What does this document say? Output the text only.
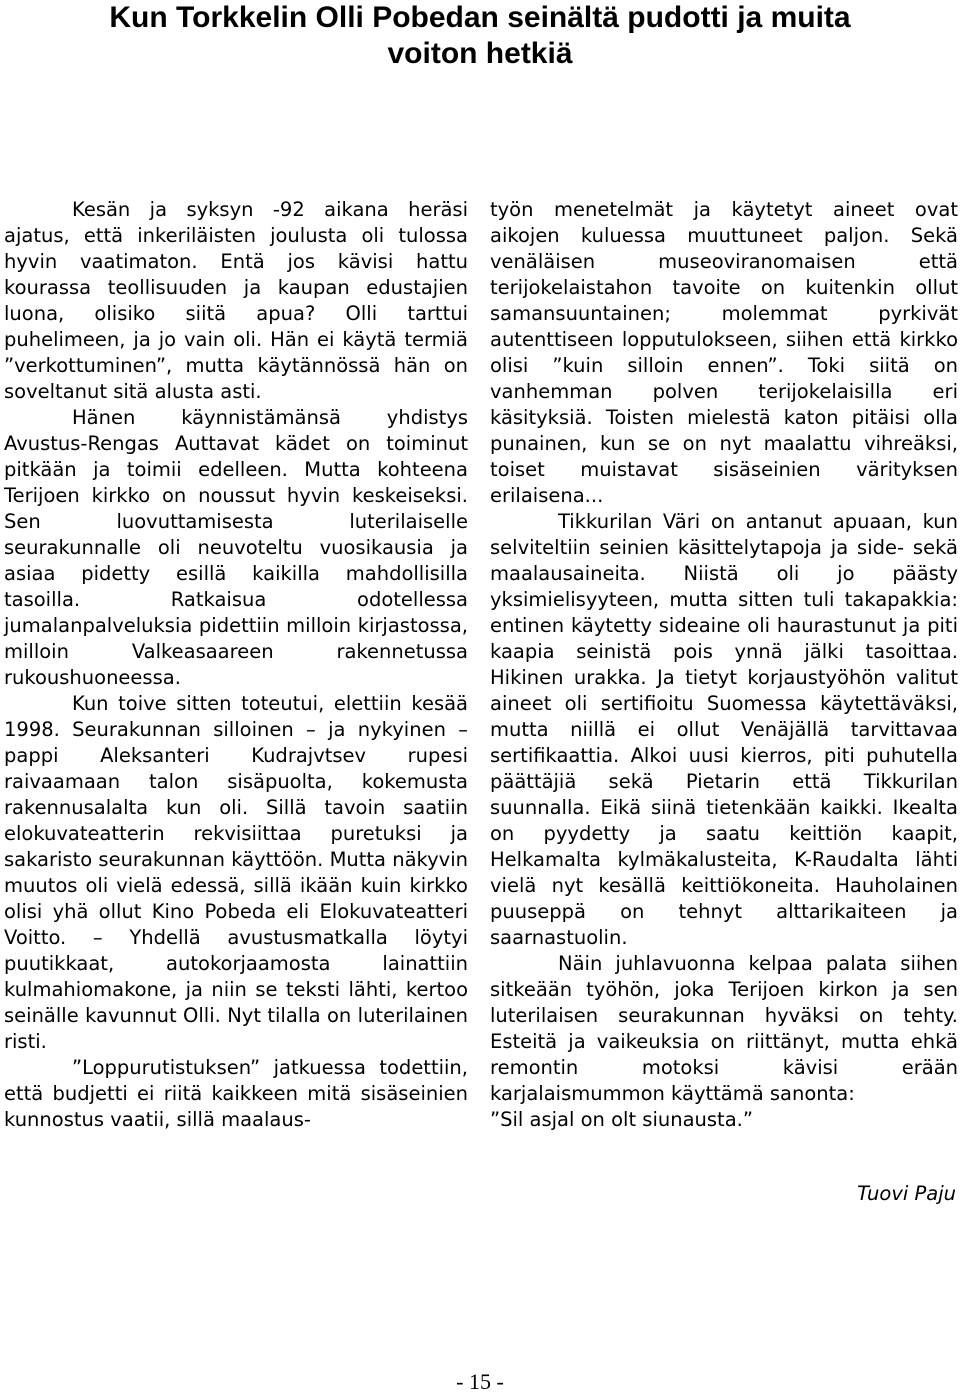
Kun Torkkelin Olli Pobedan seinältä pudotti ja muita
voiton hetkiä

Kesän ja syksyn -92 aikana heräsi ajatus, että inkeriläisten joulusta oli tulossa hyvin vaatimaton. Entä jos kävisi hattu kourassa teollisuuden ja kaupan edustajien luona, olisiko siitä apua? Olli tarttui puhelimeen, ja jo vain oli. Hän ei käytä termiä ”verkottuminen”, mutta käytännössä hän on soveltanut sitä alusta asti.

Hänen käynnistämänsä yhdistys Avustus-Rengas Auttavat kädet on toiminut pitkään ja toimii edelleen. Mutta kohteena Terijoen kirkko on noussut hyvin keskeiseksi. Sen luovuttamisesta luterilaiselle seurakunnalle oli neuvoteltu vuosikausia ja asiaa pidetty esillä kaikilla mahdollisilla tasoilla. Ratkaisua odotellessa jumalanpalveluksia pidettiin milloin kirjastossa, milloin Valkeasaareen rakennetussa rukoushuoneessa.

Kun toive sitten toteutui, elettiin kesää 1998. Seurakunnan silloinen – ja nykyinen – pappi Aleksanteri Kudrajvtsev rupesi raivaamaan talon sisäpuolta, kokemusta rakennusalalta kun oli. Sillä tavoin saatiin elokuvateatterin rekvisiittaa puretuksi ja sakaristo seurakunnan käyttöön. Mutta näkyvin muutos oli vielä edessä, sillä ikään kuin kirkko olisi yhä ollut Kino Pobeda eli Elokuvateatteri Voitto. – Yhdellä avustusmatkalla löytyi puutikkaat, autokorjaamosta lainattiin kulmahiomakone, ja niin se teksti lähti, kertoo seinälle kavunnut Olli. Nyt tilalla on luterilainen risti.

”Loppurutistuksen” jatkuessa todettiin, että budjetti ei riitä kaikkeen mitä sisäseinien kunnostus vaatii, sillä maalaus-

työn menetelmät ja käytetyt aineet ovat aikojen kuluessa muuttuneet paljon. Sekä venäläisen museoviranomaisen että terijokelaistahon tavoite on kuitenkin ollut samansuuntainen; molemmat pyrkivät autenttiseen lopputulokseen, siihen että kirkko olisi ”kuin silloin ennen”. Toki siitä on vanhemman polven terijokelaisilla eri käsityksiä. Toisten mielestä katon pitäisi olla punainen, kun se on nyt maalattu vihreäksi, toiset muistavat sisäseinien värityksen erilaisena...

Tikkurilan Väri on antanut apuaan, kun selviteltiin seinien käsittelytapoja ja side- sekä maalausaineita. Niistä oli jo päästy yksimielisyyteen, mutta sitten tuli takapakkia: entinen käytetty sideaine oli haurastunut ja piti kaapia seinistä pois ynnä jälki tasoittaa. Hikinen urakka. Ja tietyt korjaustyöhön valitut aineet oli sertifioitu Suomessa käytettäväksi, mutta niillä ei ollut Venäjällä tarvittavaa sertifikaattia. Alkoi uusi kierros, piti puhutella päättäjiä sekä Pietarin että Tikkurilan suunnalla. Eikä siinä tietenkään kaikki. Ikealta on pyydetty ja saatu keittiön kaapit, Helkamalta kylmäkalusteita, K-Raudalta lähti vielä nyt kesällä keittiökoneita. Hauholainen puuseppä on tehnyt alttarikaiteen ja saarnastuolin.

Näin juhlavuonna kelpaa palata siihen sitkeään työhön, joka Terijoen kirkon ja sen luterilaisen seurakunnan hyväksi on tehty. Esteitä ja vaikeuksia on riittänyt, mutta ehkä remontin motoksi kävisi erään karjalaismummon käyttämä sanonta:

”Sil asjal on olt siunausta.”

Tuovi Paju
- 15 -
